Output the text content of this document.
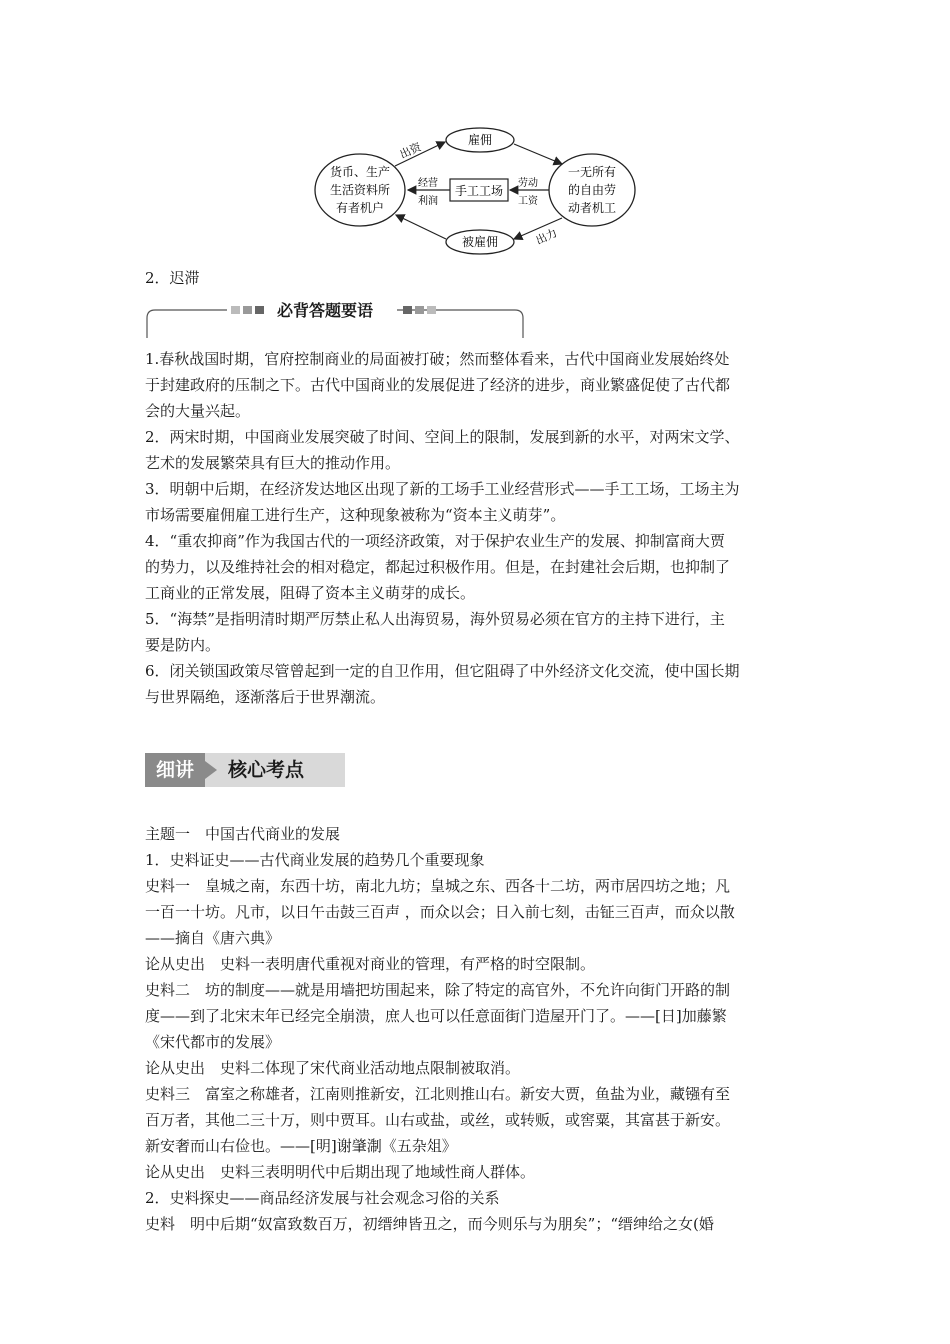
货币、生产
生活资料所
有者机户
一无所有
的自由劳
动者机工
雇佣
被雇佣
手工工场
出资
出力
经营
利润
劳动
工资
2．迟滞
必背答题要语
1.春秋战国时期，官府控制商业的局面被打破；然而整体看来，古代中国商业发展始终处
于封建政府的压制之下。古代中国商业的发展促进了经济的进步，商业繁盛促使了古代都
会的大量兴起。
2．两宋时期，中国商业发展突破了时间、空间上的限制，发展到新的水平，对两宋文学、
艺术的发展繁荣具有巨大的推动作用。
3．明朝中后期，在经济发达地区出现了新的工场手工业经营形式——手工工场，工场主为
市场需要雇佣雇工进行生产，这种现象被称为“资本主义萌芽”。
4．“重农抑商”作为我国古代的一项经济政策，对于保护农业生产的发展、抑制富商大贾
的势力，以及维持社会的相对稳定，都起过积极作用。但是，在封建社会后期，也抑制了
工商业的正常发展，阻碍了资本主义萌芽的成长。
5．“海禁”是指明清时期严厉禁止私人出海贸易，海外贸易必须在官方的主持下进行，主
要是防内。
6．闭关锁国政策尽管曾起到一定的自卫作用，但它阻碍了中外经济文化交流，使中国长期
与世界隔绝，逐渐落后于世界潮流。
细讲	核心考点
主题一　中国古代商业的发展
1．史料证史——古代商业发展的趋势几个重要现象
史料一　皇城之南，东西十坊，南北九坊；皇城之东、西各十二坊，两市居四坊之地；凡
一百一十坊。凡市，以日午击鼓三百声 ，而众以会；日入前七刻，击钲三百声，而众以散
——摘自《唐六典》
论从史出　史料一表明唐代重视对商业的管理，有严格的时空限制。
史料二　坊的制度——就是用墙把坊围起来，除了特定的高官外，不允许向街门开路的制
度——到了北宋末年已经完全崩溃，庶人也可以任意面街门造屋开门了。——[日]加藤繁
《宋代都市的发展》
论从史出　史料二体现了宋代商业活动地点限制被取消。
史料三　富室之称雄者，江南则推新安，江北则推山右。新安大贾，鱼盐为业，藏镪有至
百万者，其他二三十万，则中贾耳。山右或盐，或丝，或转贩，或窖粟，其富甚于新安。
新安奢而山右俭也。——[明]谢肇淛《五杂俎》
论从史出　史料三表明明代中后期出现了地域性商人群体。
2．史料探史——商品经济发展与社会观念习俗的关系
史料　明中后期“奴富致数百万，初缙绅皆丑之，而今则乐与为朋矣”；“缙绅给之女(婚
